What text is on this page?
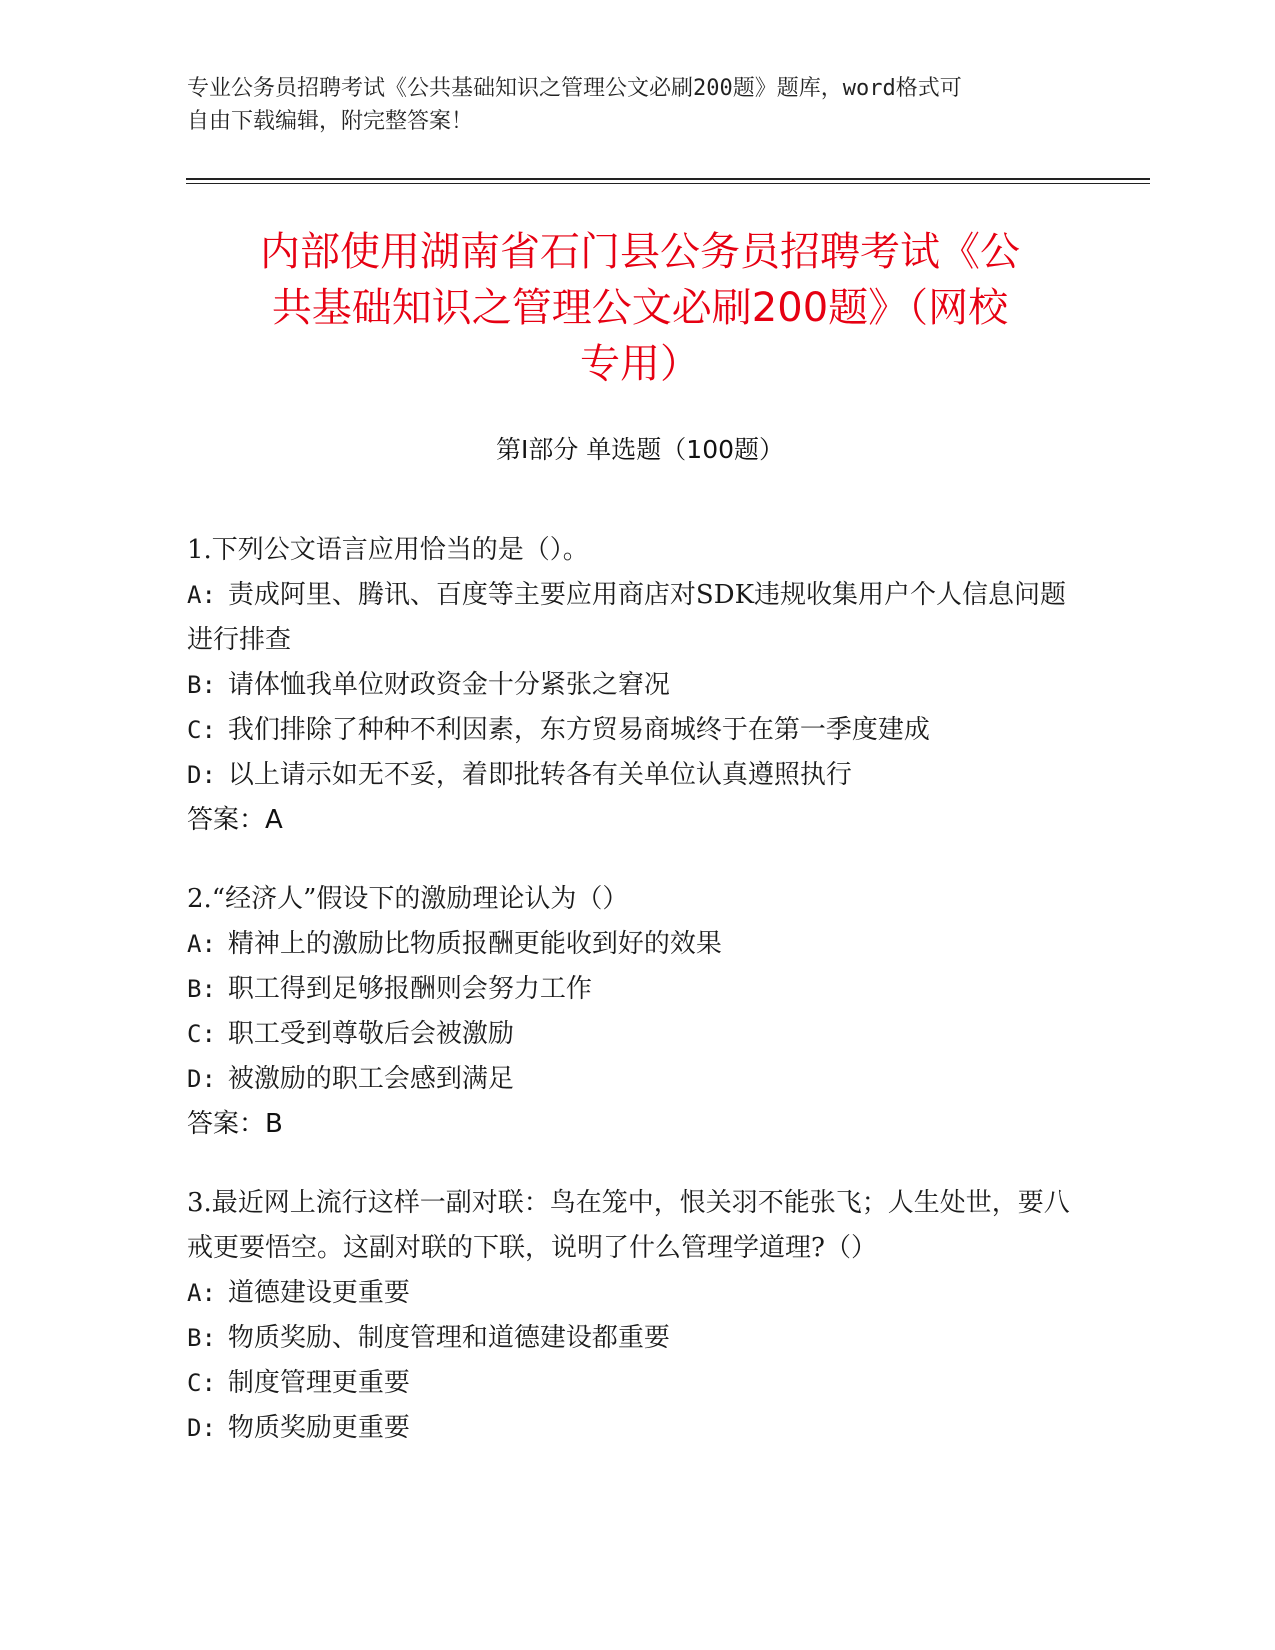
专业公务员招聘考试《公共基础知识之管理公文必刷200题》题库，word格式可
自由下载编辑，附完整答案！
内部使用湖南省石门县公务员招聘考试《公
共基础知识之管理公文必刷200题》（网校
专用）
第I部分 单选题（100题）

1.下列公文语言应用恰当的是（）。

A: 责成阿里、腾讯、百度等主要应用商店对SDK违规收集用户个人信息问题进行排查

B: 请体恤我单位财政资金十分紧张之窘况

C: 我们排除了种种不利因素，东方贸易商城终于在第一季度建成

D: 以上请示如无不妥，着即批转各有关单位认真遵照执行

答案：A

2.“经济人”假设下的激励理论认为（）

A: 精神上的激励比物质报酬更能收到好的效果

B: 职工得到足够报酬则会努力工作

C: 职工受到尊敬后会被激励

D: 被激励的职工会感到满足

答案：B

3.最近网上流行这样一副对联：鸟在笼中，恨关羽不能张飞；人生处世，要八戒更要悟空。这副对联的下联，说明了什么管理学道理?（）

A: 道德建设更重要

B: 物质奖励、制度管理和道德建设都重要

C: 制度管理更重要

D: 物质奖励更重要
